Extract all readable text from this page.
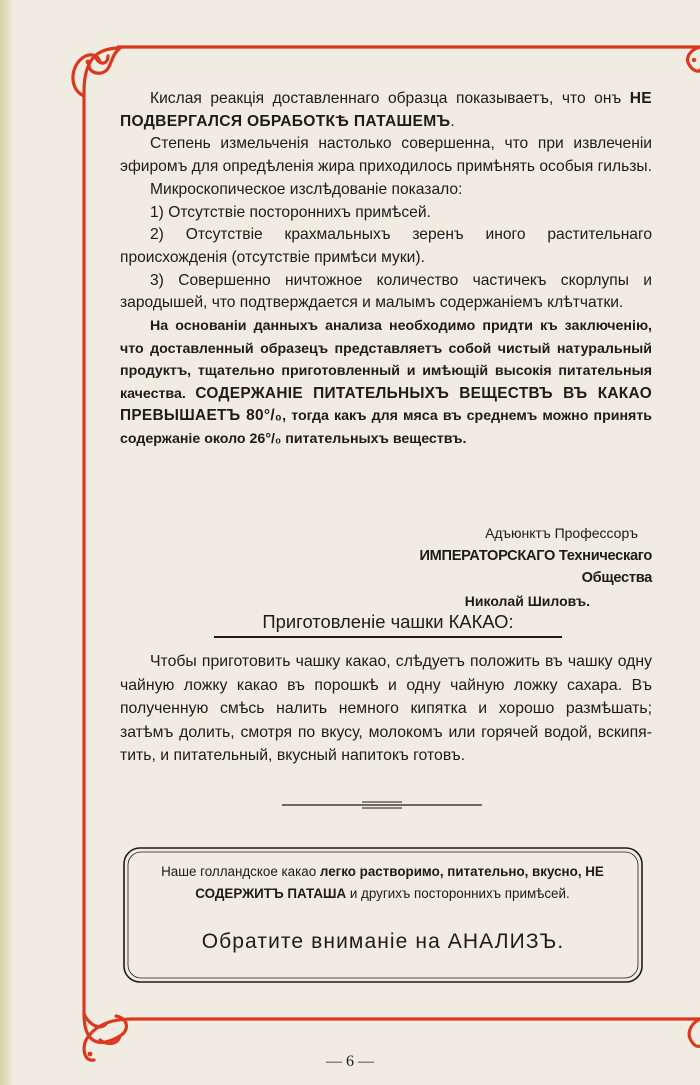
Кислая реакція доставленнаго образца показываетъ, что онъ НЕ ПОДВЕРГАЛСЯ ОБРАБОТКѢ ПАТАШЕМЪ.

Степень измельченія настолько совершенна, что при извлеченіи эфиромъ для опредѣленія жира приходилось примѣнять особыя гильзы.

Микроскопическое изслѣдованіе показало:

1) Отсутствіе постороннихъ примѣсей.

2) Отсутствіе крахмальныхъ зеренъ иного растительнаго происхожденія (отсутствіе примѣси муки).

3) Совершенно ничтожное количество частичекъ скорлупы и зародышей, что подтверждается и малымъ содержаніемъ клѣтчатки.

На основаніи данныхъ анализа необходимо придти къ заключенію, что доставленный образецъ представляетъ собой чистый натуральный продуктъ, тщательно приготовленный и имѣющій высокія питательныя качества. СОДЕРЖАНІЕ ПИТАТЕЛЬНЫХЪ ВЕЩЕСТВЪ ВЪ КАКАО ПРЕВЫШАЕТЪ 80°/₀, тогда какъ для мяса въ среднемъ можно принять содержаніе около 26°/₀ питательныхъ веществъ.

Адъюнктъ Профессоръ
ИМПЕРАТОРСКАГО Техническаго Общества
Николай Шиловъ.
Приготовленіе чашки КАКАО:

Чтобы приготовить чашку какао, слѣдуетъ положить въ чашку одну чайную ложку какао въ порошкѣ и одну чайную ложку сахара. Въ полученную смѣсь налить немного кипятка и хорошо размѣшать; затѣмъ долить, смотря по вкусу, молокомъ или горячей водой, вскипятить, и питательный, вкусный напитокъ готовъ.

Наше голландское какао легко растворимо, питательно, вкусно, НЕ СОДЕРЖИТЪ ПАТАША и другихъ постороннихъ примѣсей.
Обратите вниманіе на АНАЛИЗЪ.
— 6 —
